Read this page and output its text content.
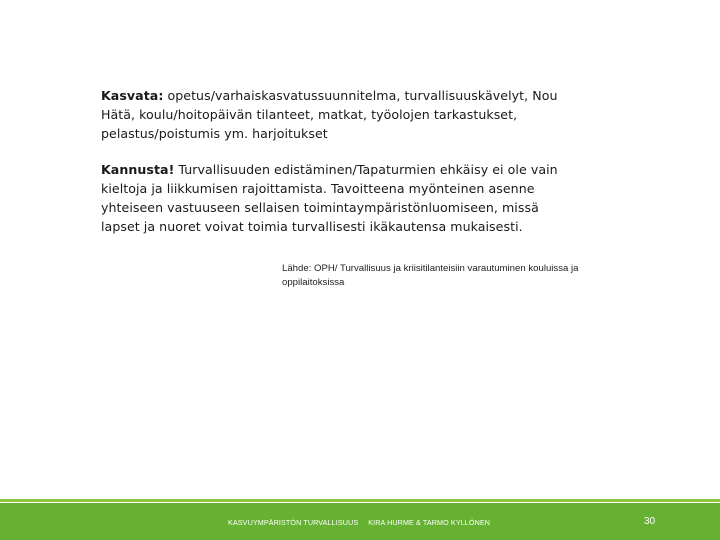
Kasvata: opetus/varhaiskasvatussuunnitelma, turvallisuuskävelyt, Nou Hätä, koulu/hoitopäivän tilanteet, matkat, työolojen tarkastukset, pelastus/poistumis ym. harjoitukset

Kannusta! Turvallisuuden edistäminen/Tapaturmien ehkäisy ei ole vain kieltoja ja liikkumisen rajoittamista. Tavoitteena myönteinen asenne yhteiseen vastuuseen sellaisen toimintaympäristönluomiseen, missä lapset ja nuoret voivat toimia turvallisesti ikäkautensa mukaisesti.

Lähde: OPH/ Turvallisuus ja kriisitilanteisiin varautuminen kouluissa ja oppilaitoksissa
KASVUYMPÄRISTÖN TURVALLISUUS KIRA HURME & TARMO KYLLÖNEN	30
